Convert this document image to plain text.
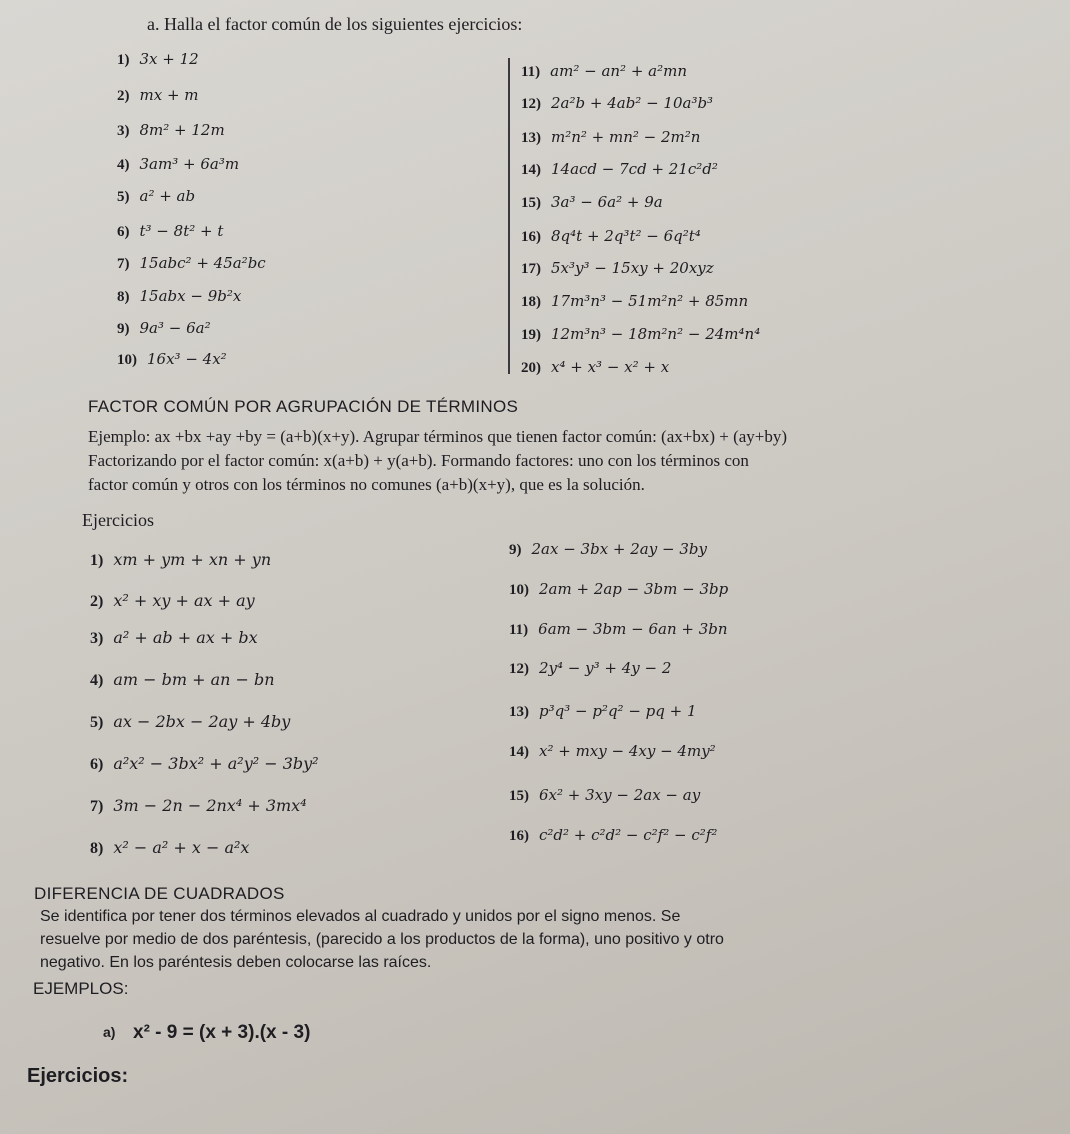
a. Halla el factor común de los siguientes ejercicios:
1) 3x + 12
2) mx + m
3) 8m² + 12m
4) 3am³ + 6a³m
5) a² + ab
6) t³ − 8t² + t
7) 15abc² + 45a²bc
8) 15abx − 9b²x
9) 9a³ − 6a²
10) 16x³ − 4x²
11) am² − an² + a²mn
12) 2a²b + 4ab² − 10a³b³
13) m²n² + mn² − 2m²n
14) 14acd − 7cd + 21c²d²
15) 3a³ − 6a² + 9a
16) 8q⁴t + 2q³t² − 6q²t⁴
17) 5x³y³ − 15xy + 20xyz
18) 17m³n³ − 51m²n² + 85mn
19) 12m³n³ − 18m²n² − 24m⁴n⁴
20) x⁴ + x³ − x² + x
FACTOR COMÚN POR AGRUPACIÓN DE TÉRMINOS
Ejemplo: ax +bx +ay +by = (a+b)(x+y). Agrupar términos que tienen factor común: (ax+bx) + (ay+by)
Factorizando por el factor común: x(a+b) + y(a+b). Formando factores: uno con los términos con
factor común y otros con los términos no comunes (a+b)(x+y), que es la solución.
Ejercicios
1) xm + ym + xn + yn
2) x² + xy + ax + ay
3) a² + ab + ax + bx
4) am − bm + an − bn
5) ax − 2bx − 2ay + 4by
6) a²x² − 3bx² + a²y² − 3by²
7) 3m − 2n − 2nx⁴ + 3mx⁴
8) x² − a² + x − a²x
9) 2ax − 3bx + 2ay − 3by
10) 2am + 2ap − 3bm − 3bp
11) 6am − 3bm − 6an + 3bn
12) 2y⁴ − y³ + 4y − 2
13) p³q³ − p²q² − pq + 1
14) x² + mxy − 4xy − 4my²
15) 6x² + 3xy − 2ax − ay
16) c²d² + c²d² − c²f² − c²f²
DIFERENCIA DE CUADRADOS
Se identifica por tener dos términos elevados al cuadrado y unidos por el signo menos. Se
resuelve por medio de dos paréntesis, (parecido a los productos de la forma), uno positivo y otro
negativo. En los paréntesis deben colocarse las raíces.
EJEMPLOS:
a) x² - 9 = (x + 3).(x - 3)
Ejercicios:
